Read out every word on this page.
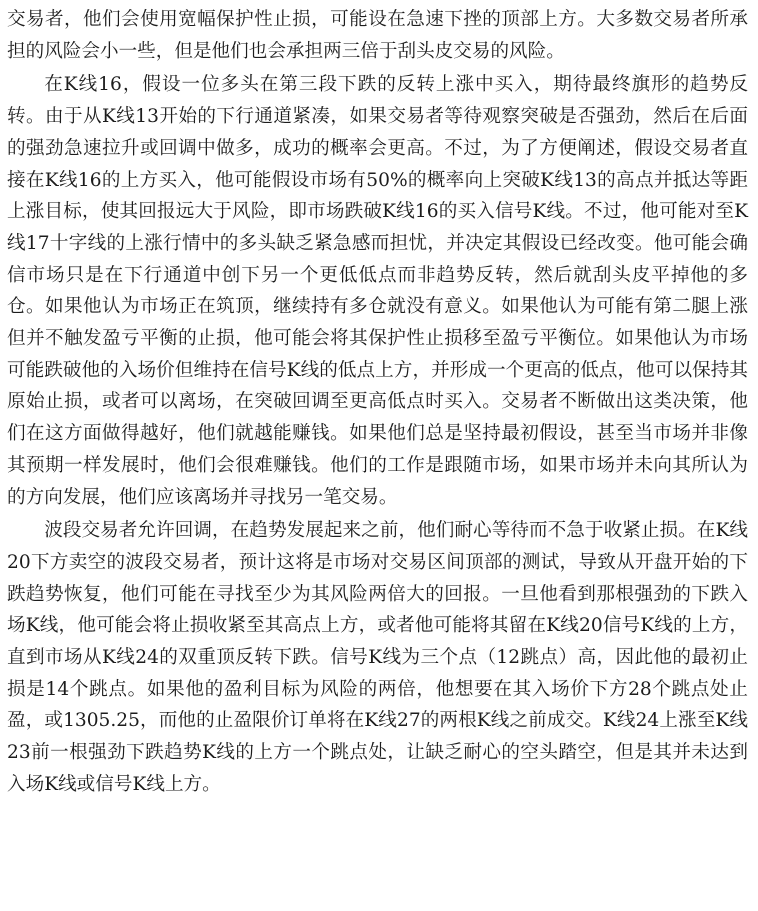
交易者，他们会使用宽幅保护性止损，可能设在急速下挫的顶部上方。大多数交易者所承担的风险会小一些，但是他们也会承担两三倍于刮头皮交易的风险。

在K线16，假设一位多头在第三段下跌的反转上涨中买入，期待最终旗形的趋势反转。由于从K线13开始的下行通道紧凑，如果交易者等待观察突破是否强劲，然后在后面的强劲急速拉升或回调中做多，成功的概率会更高。不过，为了方便阐述，假设交易者直接在K线16的上方买入，他可能假设市场有50%的概率向上突破K线13的高点并抵达等距上涨目标，使其回报远大于风险，即市场跌破K线16的买入信号K线。不过，他可能对至K线17十字线的上涨行情中的多头缺乏紧急感而担忧，并决定其假设已经改变。他可能会确信市场只是在下行通道中创下另一个更低低点而非趋势反转，然后就刮头皮平掉他的多仓。如果他认为市场正在筑顶，继续持有多仓就没有意义。如果他认为可能有第二腿上涨但并不触发盈亏平衡的止损，他可能会将其保护性止损移至盈亏平衡位。如果他认为市场可能跌破他的入场价但维持在信号K线的低点上方，并形成一个更高的低点，他可以保持其原始止损，或者可以离场，在突破回调至更高低点时买入。交易者不断做出这类决策，他们在这方面做得越好，他们就越能赚钱。如果他们总是坚持最初假设，甚至当市场并非像其预期一样发展时，他们会很难赚钱。他们的工作是跟随市场，如果市场并未向其所认为的方向发展，他们应该离场并寻找另一笔交易。

波段交易者允许回调，在趋势发展起来之前，他们耐心等待而不急于收紧止损。在K线20下方卖空的波段交易者，预计这将是市场对交易区间顶部的测试，导致从开盘开始的下跌趋势恢复，他们可能在寻找至少为其风险两倍大的回报。一旦他看到那根强劲的下跌入场K线，他可能会将止损收紧至其高点上方，或者他可能将其留在K线20信号K线的上方，直到市场从K线24的双重顶反转下跌。信号K线为三个点（12跳点）高，因此他的最初止损是14个跳点。如果他的盈利目标为风险的两倍，他想要在其入场价下方28个跳点处止盈，或1305.25，而他的止盈限价订单将在K线27的两根K线之前成交。K线24上涨至K线23前一根强劲下跌趋势K线的上方一个跳点处，让缺乏耐心的空头踏空，但是其并未达到入场K线或信号K线上方。
